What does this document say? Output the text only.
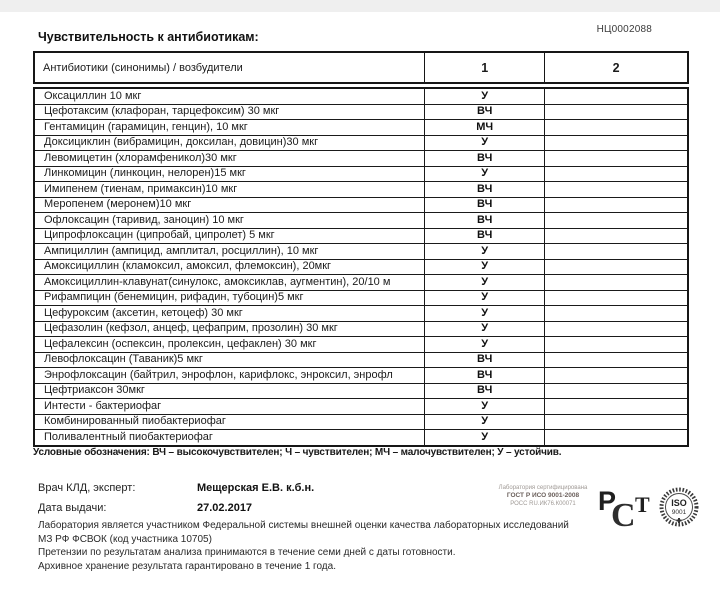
НЦ0002088
Чувствительность к антибиотикам:
Антибиотики (синонимы) / возбудители	1	2
Оксациллин 10 мкг	У	
Цефотаксим (клафоран, тарцефоксим) 30 мкг	ВЧ	
Гентамицин (гарамицин, генцин), 10 мкг	МЧ	
Доксициклин (вибрамицин, доксилан, довицин)30 мкг	У	
Левомицетин (хлорамфеникол)30 мкг	ВЧ	
Линкомицин (линкоцин, нелорен)15 мкг	У	
Имипенем (тиенам, примаксин)10 мкг	ВЧ	
Меропенем (меронем)10 мкг	ВЧ	
Офлоксацин (таривид, заноцин) 10 мкг	ВЧ	
Ципрофлоксацин (ципробай, ципролет) 5 мкг	ВЧ	
Ампициллин (ампицид, амплитал, росциллин), 10 мкг	У	
Амоксициллин (кламоксил, амоксил, флемоксин), 20мкг	У	
Амоксициллин-клавунат(синулокс, амоксиклав, аугментин), 20/10 м	У	
Рифампицин (бенемицин, рифадин, тубоцин)5 мкг	У	
Цефуроксим (аксетин, кетоцеф) 30 мкг	У	
Цефазолин (кефзол, анцеф, цефаприм, прозолин) 30 мкг	У	
Цефалексин (оспексин, пролексин, цефаклен) 30 мкг	У	
Левофлоксацин (Таваник)5 мкг	ВЧ	
Энрофлоксацин (байтрил, энрофлон, карифлокс, энроксил, энрофл	ВЧ	
Цефтриаксон 30мкг	ВЧ	
Интести - бактериофаг	У	
Комбинированный пиобактериофаг	У	
Поливалентный пиобактериофаг	У	
Условные обозначения: ВЧ – высокочувствителен; Ч – чувствителен; МЧ – малочувствителен; У – устойчив.
Врач КЛД, эксперт:	Мещерская Е.В. к.б.н.
Дата выдачи:	27.02.2017
Лаборатория сертифицирована
ГОСТ Р ИСО 9001-2008
РОСС RU.ИК76.К00071	С
Р Т ISO
9001
Лаборатория является участником Федеральной системы внешней оценки качества лабораторных исследований
МЗ РФ ФСВОК (код участника 10705)
Претензии по результатам анализа принимаются в течение семи дней с даты готовности.
Архивное хранение результата гарантировано в течение 1 года.
